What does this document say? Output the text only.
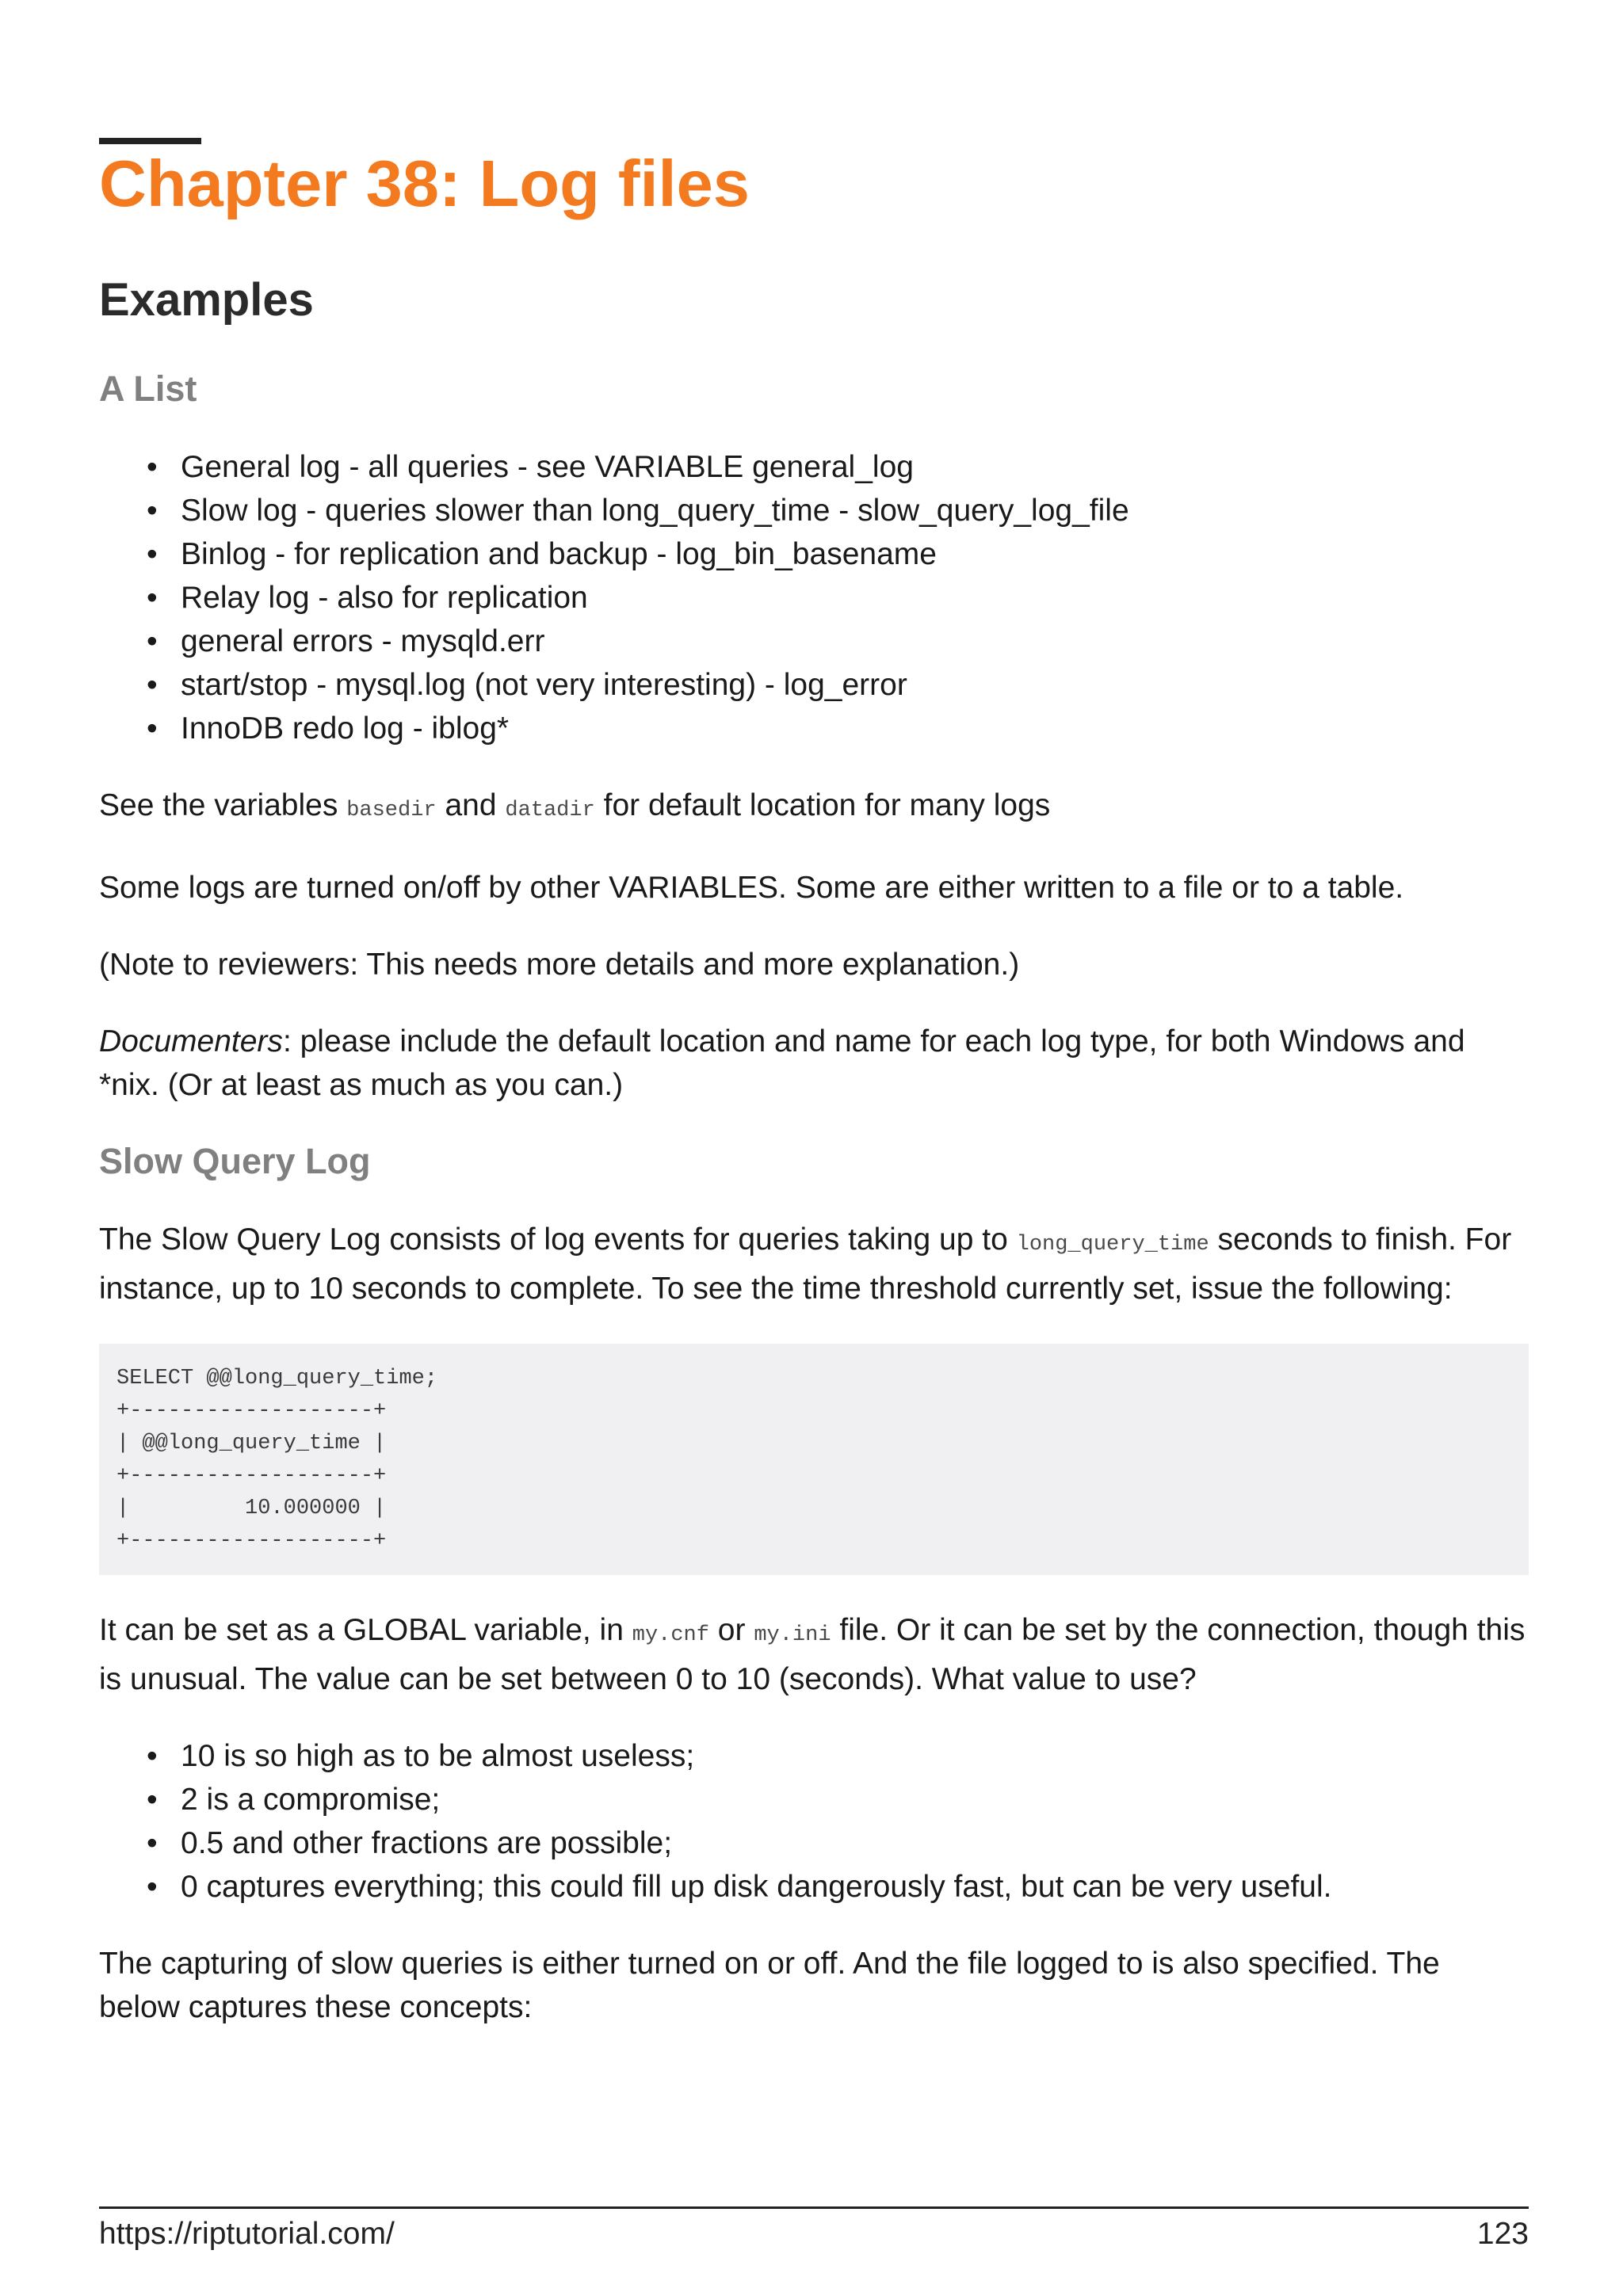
Chapter 38: Log files
Examples
A List
• General log - all queries - see VARIABLE general_log
• Slow log - queries slower than long_query_time - slow_query_log_file
• Binlog - for replication and backup - log_bin_basename
• Relay log - also for replication
• general errors - mysqld.err
• start/stop - mysql.log (not very interesting) - log_error
• InnoDB redo log - iblog*

See the variables basedir and datadir for default location for many logs

Some logs are turned on/off by other VARIABLES. Some are either written to a file or to a table.

(Note to reviewers: This needs more details and more explanation.)

Documenters: please include the default location and name for each log type, for both Windows and *nix. (Or at least as much as you can.)

Slow Query Log

The Slow Query Log consists of log events for queries taking up to long_query_time seconds to finish. For instance, up to 10 seconds to complete. To see the time threshold currently set, issue the following:

SELECT @@long_query_time;
+-------------------+
| @@long_query_time |
+-------------------+
|         10.000000 |
+-------------------+

It can be set as a GLOBAL variable, in my.cnf or my.ini file. Or it can be set by the connection, though this is unusual. The value can be set between 0 to 10 (seconds). What value to use?

• 10 is so high as to be almost useless;
• 2 is a compromise;
• 0.5 and other fractions are possible;
• 0 captures everything; this could fill up disk dangerously fast, but can be very useful.

The capturing of slow queries is either turned on or off. And the file logged to is also specified. The below captures these concepts:

https://riptutorial.com/	123
